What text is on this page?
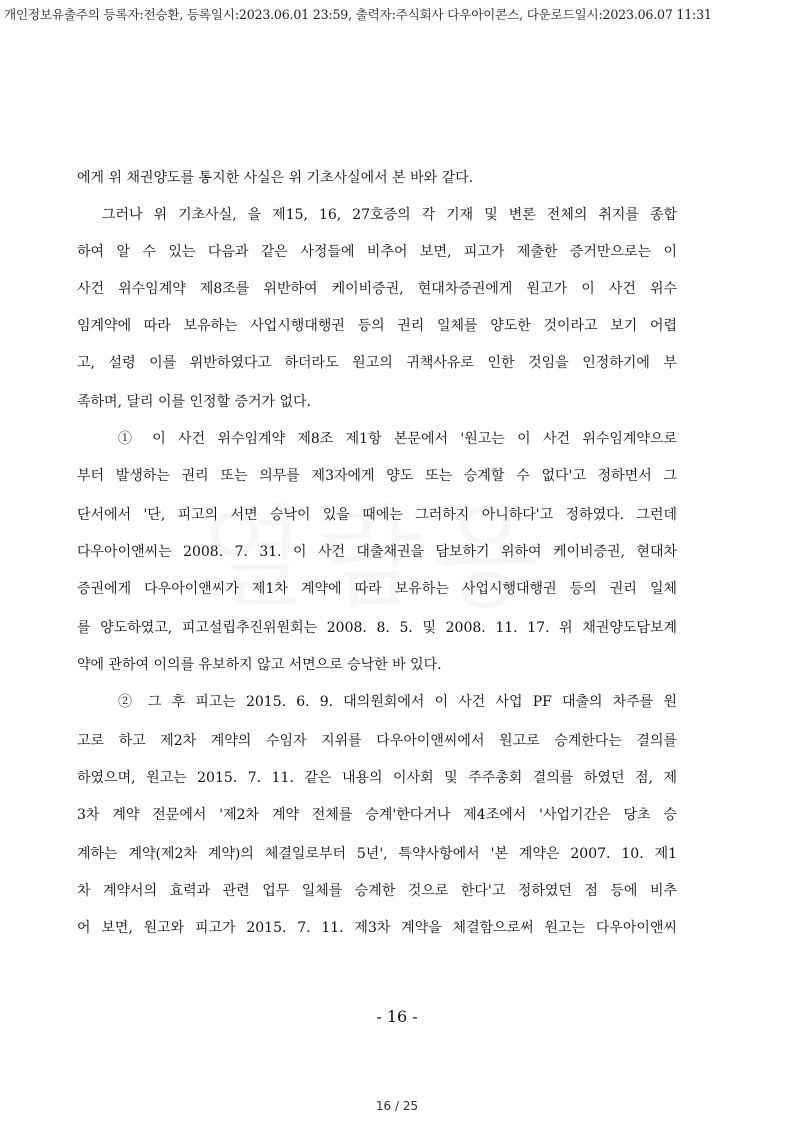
개인정보유출주의 등록자:전승환, 등록일시:2023.06.01 23:59, 출력자:주식회사 다우아이콘스, 다운로드일시:2023.06.07 11:31
에게 위 채권양도를 통지한 사실은 위 기초사실에서 본 바와 같다.
그러나 위 기초사실, 을 제15, 16, 27호증의 각 기재 및 변론 전체의 취지를 종합
하여 알 수 있는 다음과 같은 사정들에 비추어 보면, 피고가 제출한 증거만으로는 이
사건 위수임계약 제8조를 위반하여 케이비증권, 현대차증권에게 원고가 이 사건 위수
임계약에 따라 보유하는 사업시행대행권 등의 권리 일체를 양도한 것이라고 보기 어렵
고, 설령 이를 위반하였다고 하더라도 원고의 귀책사유로 인한 것임을 인정하기에 부
족하며, 달리 이를 인정할 증거가 없다.
① 이 사건 위수임계약 제8조 제1항 본문에서 '원고는 이 사건 위수임계약으로
부터 발생하는 권리 또는 의무를 제3자에게 양도 또는 승계할 수 없다'고 정하면서 그
단서에서 '단, 피고의 서면 승낙이 있을 때에는 그러하지 아니하다'고 정하였다. 그런데
다우아이앤씨는 2008. 7. 31. 이 사건 대출채권을 담보하기 위하여 케이비증권, 현대차
증권에게 다우아이앤씨가 제1차 계약에 따라 보유하는 사업시행대행권 등의 권리 일체
를 양도하였고, 피고설립추진위원회는 2008. 8. 5. 및 2008. 11. 17. 위 채권양도담보계
약에 관하여 이의를 유보하지 않고 서면으로 승낙한 바 있다.
② 그 후 피고는 2015. 6. 9. 대의원회에서 이 사건 사업 PF 대출의 차주를 원
고로 하고 제2차 계약의 수임자 지위를 다우아이앤씨에서 원고로 승계한다는 결의를
하였으며, 원고는 2015. 7. 11. 같은 내용의 이사회 및 주주총회 결의를 하였던 점, 제
3차 계약 전문에서 '제2차 계약 전체를 승계'한다거나 제4조에서 '사업기간은 당초 승
계하는 계약(제2차 계약)의 체결일로부터 5년', 특약사항에서 '본 계약은 2007. 10. 제1
차 계약서의 효력과 관련 업무 일체를 승계한 것으로 한다'고 정하였던 점 등에 비추
어 보면, 원고와 피고가 2015. 7. 11. 제3차 계약을 체결함으로써 원고는 다우아이앤씨
- 16 -
16 / 25
